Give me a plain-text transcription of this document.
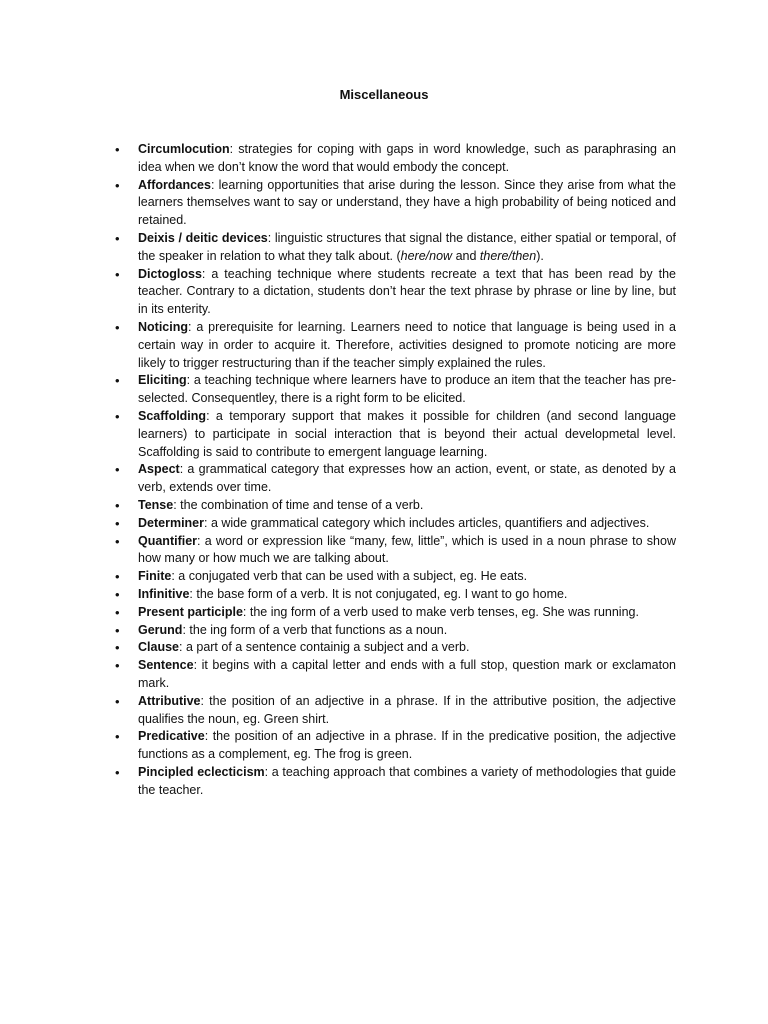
Miscellaneous
• Circumlocution: strategies for coping with gaps in word knowledge, such as paraphrasing an idea when we don’t know the word that would embody the concept.
• Affordances: learning opportunities that arise during the lesson. Since they arise from what the learners themselves want to say or understand, they have a high probability of being noticed and retained.
• Deixis / deitic devices: linguistic structures that signal the distance, either spatial or temporal, of the speaker in relation to what they talk about. (here/now and there/then).
• Dictogloss: a teaching technique where students recreate a text that has been read by the teacher. Contrary to a dictation, students don’t hear the text phrase by phrase or line by line, but in its enterity.
• Noticing: a prerequisite for learning. Learners need to notice that language is being used in a certain way in order to acquire it. Therefore, activities designed to promote noticing are more likely to trigger restructuring than if the teacher simply explained the rules.
• Eliciting: a teaching technique where learners have to produce an item that the teacher has pre-selected. Consequentley, there is a right form to be elicited.
• Scaffolding: a temporary support that makes it possible for children (and second language learners) to participate in social interaction that is beyond their actual developmetal level. Scaffolding is said to contribute to emergent language learning.
• Aspect: a grammatical category that expresses how an action, event, or state, as denoted by a verb, extends over time.
• Tense: the combination of time and tense of a verb.
• Determiner: a wide grammatical category which includes articles, quantifiers and adjectives.
• Quantifier: a word or expression like “many, few, little”, which is used in a noun phrase to show how many or how much we are talking about.
• Finite: a conjugated verb that can be used with a subject, eg. He eats.
• Infinitive: the base form of a verb. It is not conjugated, eg. I want to go home.
• Present participle: the ing form of a verb used to make verb tenses, eg. She was running.
• Gerund: the ing form of a verb that functions as a noun.
• Clause: a part of a sentence containig a subject and a verb.
• Sentence: it begins with a capital letter and ends with a full stop, question mark or exclamaton mark.
• Attributive: the position of an adjective in a phrase. If in the attributive position, the adjective qualifies the noun, eg. Green shirt.
• Predicative: the position of an adjective in a phrase. If in the predicative position, the adjective functions as a complement, eg. The frog is green.
• Pincipled eclecticism: a teaching approach that combines a variety of methodologies that guide the teacher.
